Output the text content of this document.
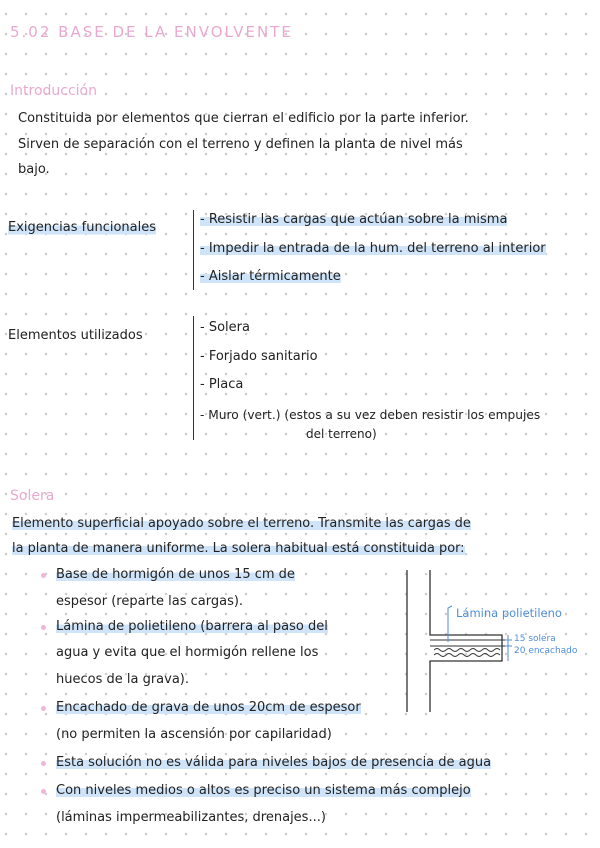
5.02 BASE DE LA ENVOLVENTE
Introducción
Constituida por elementos que cierran el edificio por la parte inferior.
Sirven de separación con el terreno y definen la planta de nivel más
bajo.
Exigencias funcionales
- Resistir las cargas que actúan sobre la misma
- Impedir la entrada de la hum. del terreno al interior
- Aislar térmicamente
Elementos utilizados
- Solera
- Forjado sanitario
- Placa
- Muro (vert.) (estos a su vez deben resistir los empujes
del terreno)
Solera
Elemento superficial apoyado sobre el terreno. Transmite las cargas de
la planta de manera uniforme. La solera habitual está constituida por:
Base de hormigón de unos 15 cm de
espesor (reparte las cargas).
Lámina de polietileno (barrera al paso del
agua y evita que el hormigón rellene los
huecos de la grava).
Encachado de grava de unos 20cm de espesor
(no permiten la ascensión por capilaridad)
Esta solución no es válida para niveles bajos de presencia de agua
Con niveles medios o altos es preciso un sistema más complejo
(láminas impermeabilizantes, drenajes...)
Lámina polietileno
15 solera
20 encachado
